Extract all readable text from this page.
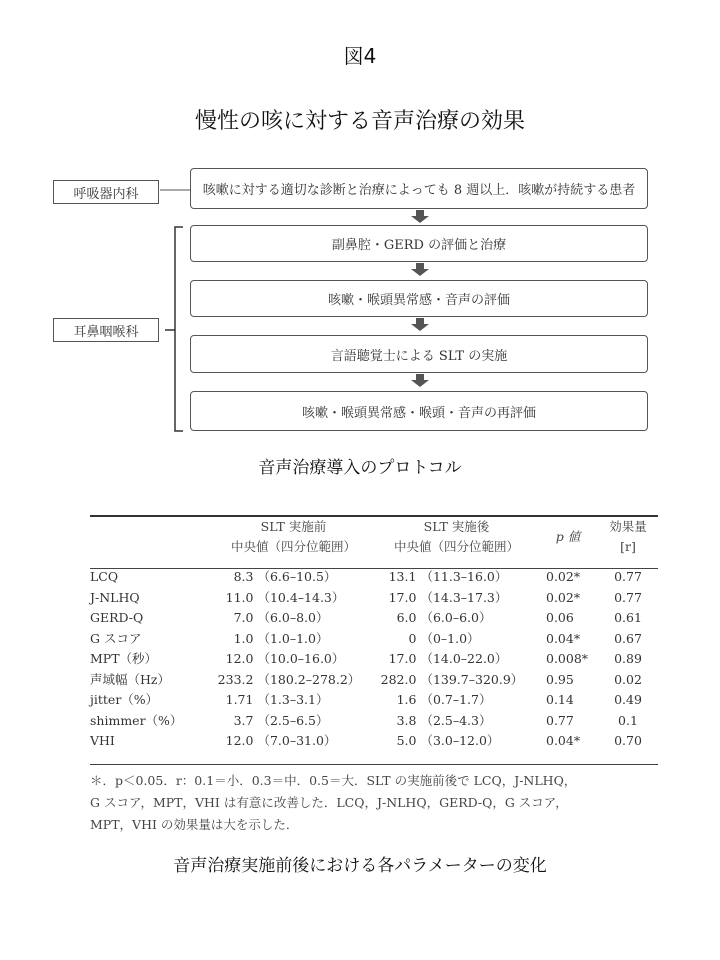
図4
慢性の咳に対する音声治療の効果
呼吸器内科
耳鼻咽喉科
咳嗽に対する適切な診断と治療によっても 8 週以上．咳嗽が持続する患者
副鼻腔・GERD の評価と治療
咳嗽・喉頭異常感・音声の評価
言語聴覚士による SLT の実施
咳嗽・喉頭異常感・喉頭・音声の再評価
音声治療導入のプロトコル
	SLT 実施前		SLT 実施後		p 値	効果量
	中央値（四分位範囲）		中央値（四分位範囲）			[r]

LCQ	8.3	（6.6–10.5）	13.1	（11.3–16.0）	0.02*	0.77
J-NLHQ	11.0	（10.4–14.3）	17.0	（14.3–17.3）	0.02*	0.77
GERD-Q	7.0	（6.0–8.0）	6.0	（6.0–6.0）	0.06	0.61
G スコア	1.0	（1.0–1.0）	0	（0–1.0）	0.04*	0.67
MPT（秒）	12.0	（10.0–16.0）	17.0	（14.0–22.0）	0.008*	0.89
声域幅（Hz）	233.2	（180.2–278.2）	282.0	（139.7–320.9）	0.95	0.02
jitter（%）	1.71	（1.3–3.1）	1.6	（0.7–1.7）	0.14	0.49
shimmer（%）	3.7	（2.5–6.5）	3.8	（2.5–4.3）	0.77	0.1
VHI	12.0	（7.0–31.0）	5.0	（3.0–12.0）	0.04*	0.70
＊．p＜0.05．r：0.1＝小．0.3＝中．0.5＝大．SLT の実施前後で LCQ，J-NLHQ，
G スコア，MPT，VHI は有意に改善した．LCQ，J-NLHQ，GERD-Q，G スコア，
MPT，VHI の効果量は大を示した．
音声治療実施前後における各パラメーターの変化
